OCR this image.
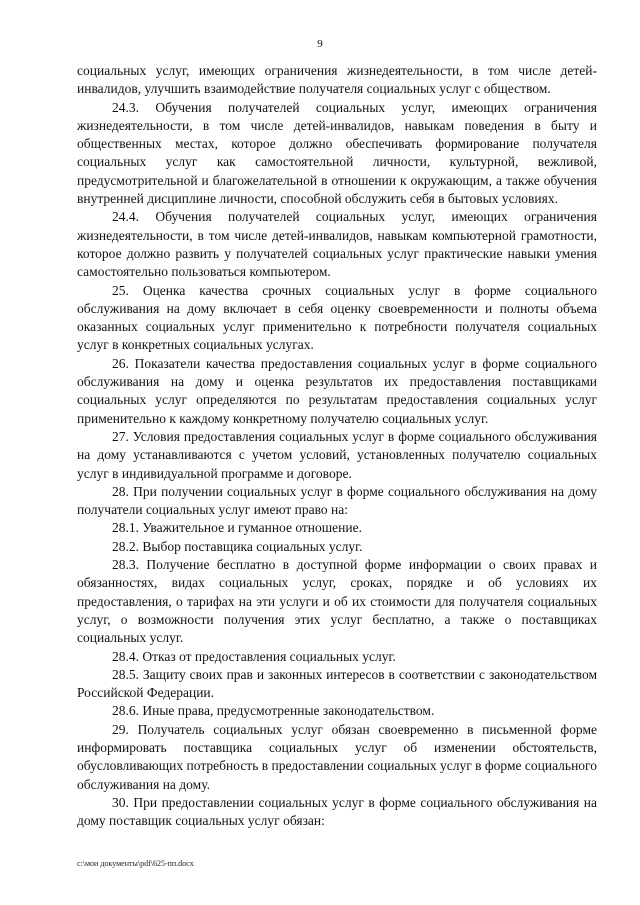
9

социальных услуг, имеющих ограничения жизнедеятельности, в том числе детей-инвалидов, улучшить взаимодействие получателя социальных услуг с обществом.

24.3. Обучения получателей социальных услуг, имеющих ограничения жизнедеятельности, в том числе детей-инвалидов, навыкам поведения в быту и общественных местах, которое должно обеспечивать формирование получателя социальных услуг как самостоятельной личности, культурной, вежливой, предусмотрительной и благожелательной в отношении к окружающим, а также обучения внутренней дисциплине личности, способной обслужить себя в бытовых условиях.

24.4. Обучения получателей социальных услуг, имеющих ограничения жизнедеятельности, в том числе детей-инвалидов, навыкам компьютерной грамотности, которое должно развить у получателей социальных услуг практические навыки умения самостоятельно пользоваться компьютером.

25. Оценка качества срочных социальных услуг в форме социального обслуживания на дому включает в себя оценку своевременности и полноты объема оказанных социальных услуг применительно к потребности получателя социальных услуг в конкретных социальных услугах.

26. Показатели качества предоставления социальных услуг в форме социального обслуживания на дому и оценка результатов их предоставления поставщиками социальных услуг определяются по результатам предоставления социальных услуг применительно к каждому конкретному получателю социальных услуг.

27. Условия предоставления социальных услуг в форме социального обслуживания на дому устанавливаются с учетом условий, установленных получателю социальных услуг в индивидуальной программе и договоре.

28. При получении социальных услуг в форме социального обслуживания на дому получатели социальных услуг имеют право на:

28.1. Уважительное и гуманное отношение.

28.2. Выбор поставщика социальных услуг.

28.3. Получение бесплатно в доступной форме информации о своих правах и обязанностях, видах социальных услуг, сроках, порядке и об условиях их предоставления, о тарифах на эти услуги и об их стоимости для получателя социальных услуг, о возможности получения этих услуг бесплатно, а также о поставщиках социальных услуг.

28.4. Отказ от предоставления социальных услуг.

28.5. Защиту своих прав и законных интересов в соответствии с законодательством Российской Федерации.

28.6. Иные права, предусмотренные законодательством.

29. Получатель социальных услуг обязан своевременно в письменной форме информировать поставщика социальных услуг об изменении обстоятельств, обусловливающих потребность в предоставлении социальных услуг в форме социального обслуживания на дому.

30. При предоставлении социальных услуг в форме социального обслуживания на дому поставщик социальных услуг обязан:

c:\мои документы\pdf\625-пп.docx
